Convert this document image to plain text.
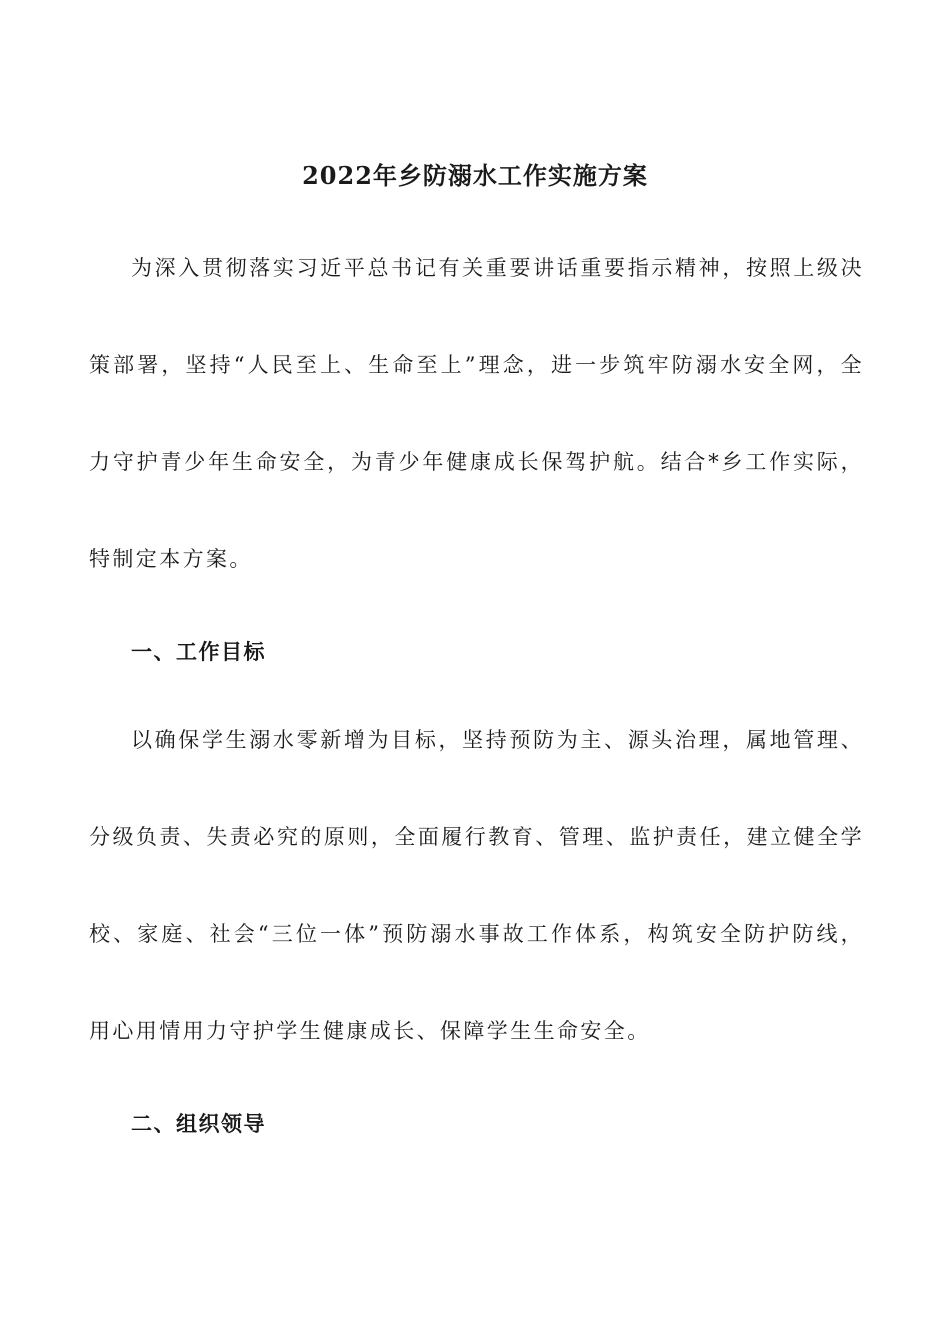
2022年乡防溺水工作实施方案

为深入贯彻落实习近平总书记有关重要讲话重要指示精神，按照上级决策部署，坚持“人民至上、生命至上”理念，进一步筑牢防溺水安全网，全力守护青少年生命安全，为青少年健康成长保驾护航。结合*乡工作实际，特制定本方案。

一、工作目标

以确保学生溺水零新增为目标，坚持预防为主、源头治理，属地管理、分级负责、失责必究的原则，全面履行教育、管理、监护责任，建立健全学校、家庭、社会“三位一体”预防溺水事故工作体系，构筑安全防护防线，用心用情用力守护学生健康成长、保障学生生命安全。

二、组织领导
